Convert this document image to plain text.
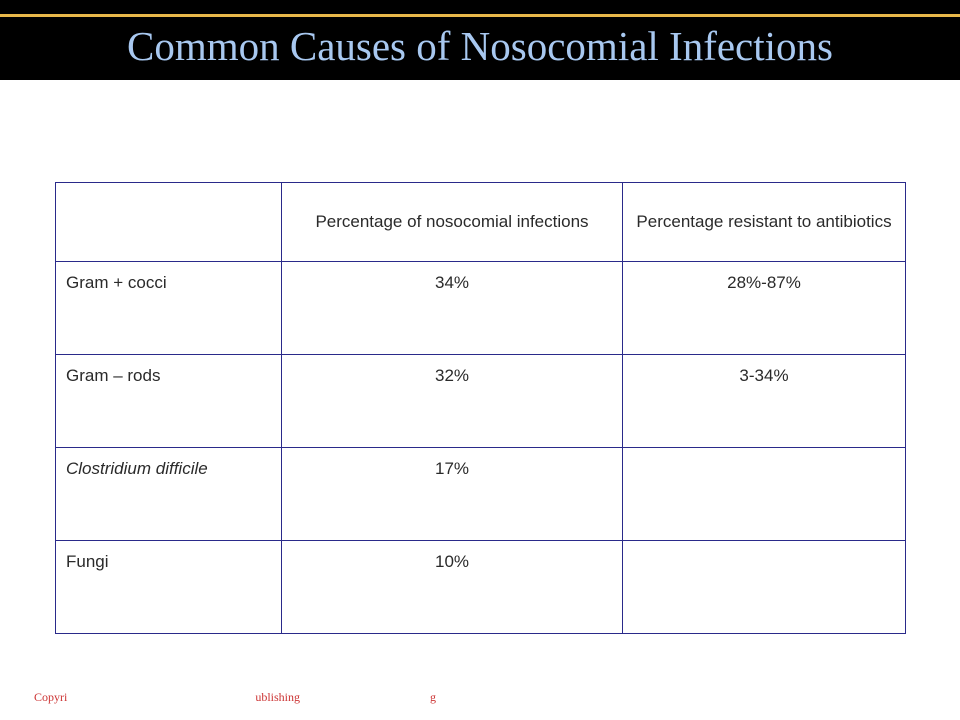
Common Causes of Nosocomial Infections
	Percentage of nosocomial infections	Percentage resistant to antibiotics
Gram + cocci	34%	28%-87%
Gram – rods	32%	3-34%
Clostridium difficile	17%	
Fungi	10%	
Copyri	ublishing	g
